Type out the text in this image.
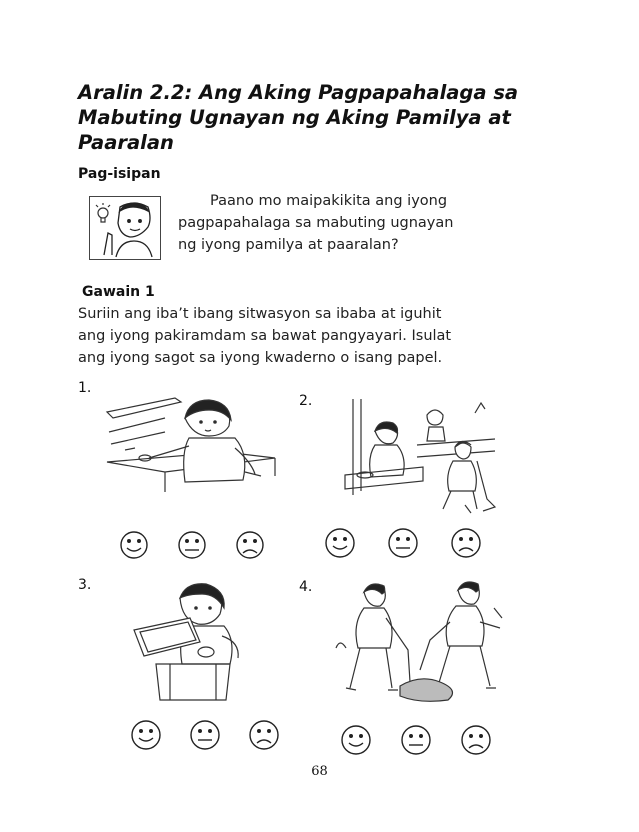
Aralin 2.2: Ang Aking Pagpapahalaga sa
Mabuting Ugnayan ng Aking Pamilya at
Paaralan
Pag-isipan
Paano mo maipakikita ang iyong
pagpapahalaga sa mabuting ugnayan
ng iyong pamilya at paaralan?
Gawain 1
Suriin ang iba’t ibang sitwasyon sa ibaba at iguhit
ang iyong pakiramdam sa bawat pangyayari. Isulat
ang iyong sagot sa iyong kwaderno o isang papel.
1.
2.
3.	4.
68
